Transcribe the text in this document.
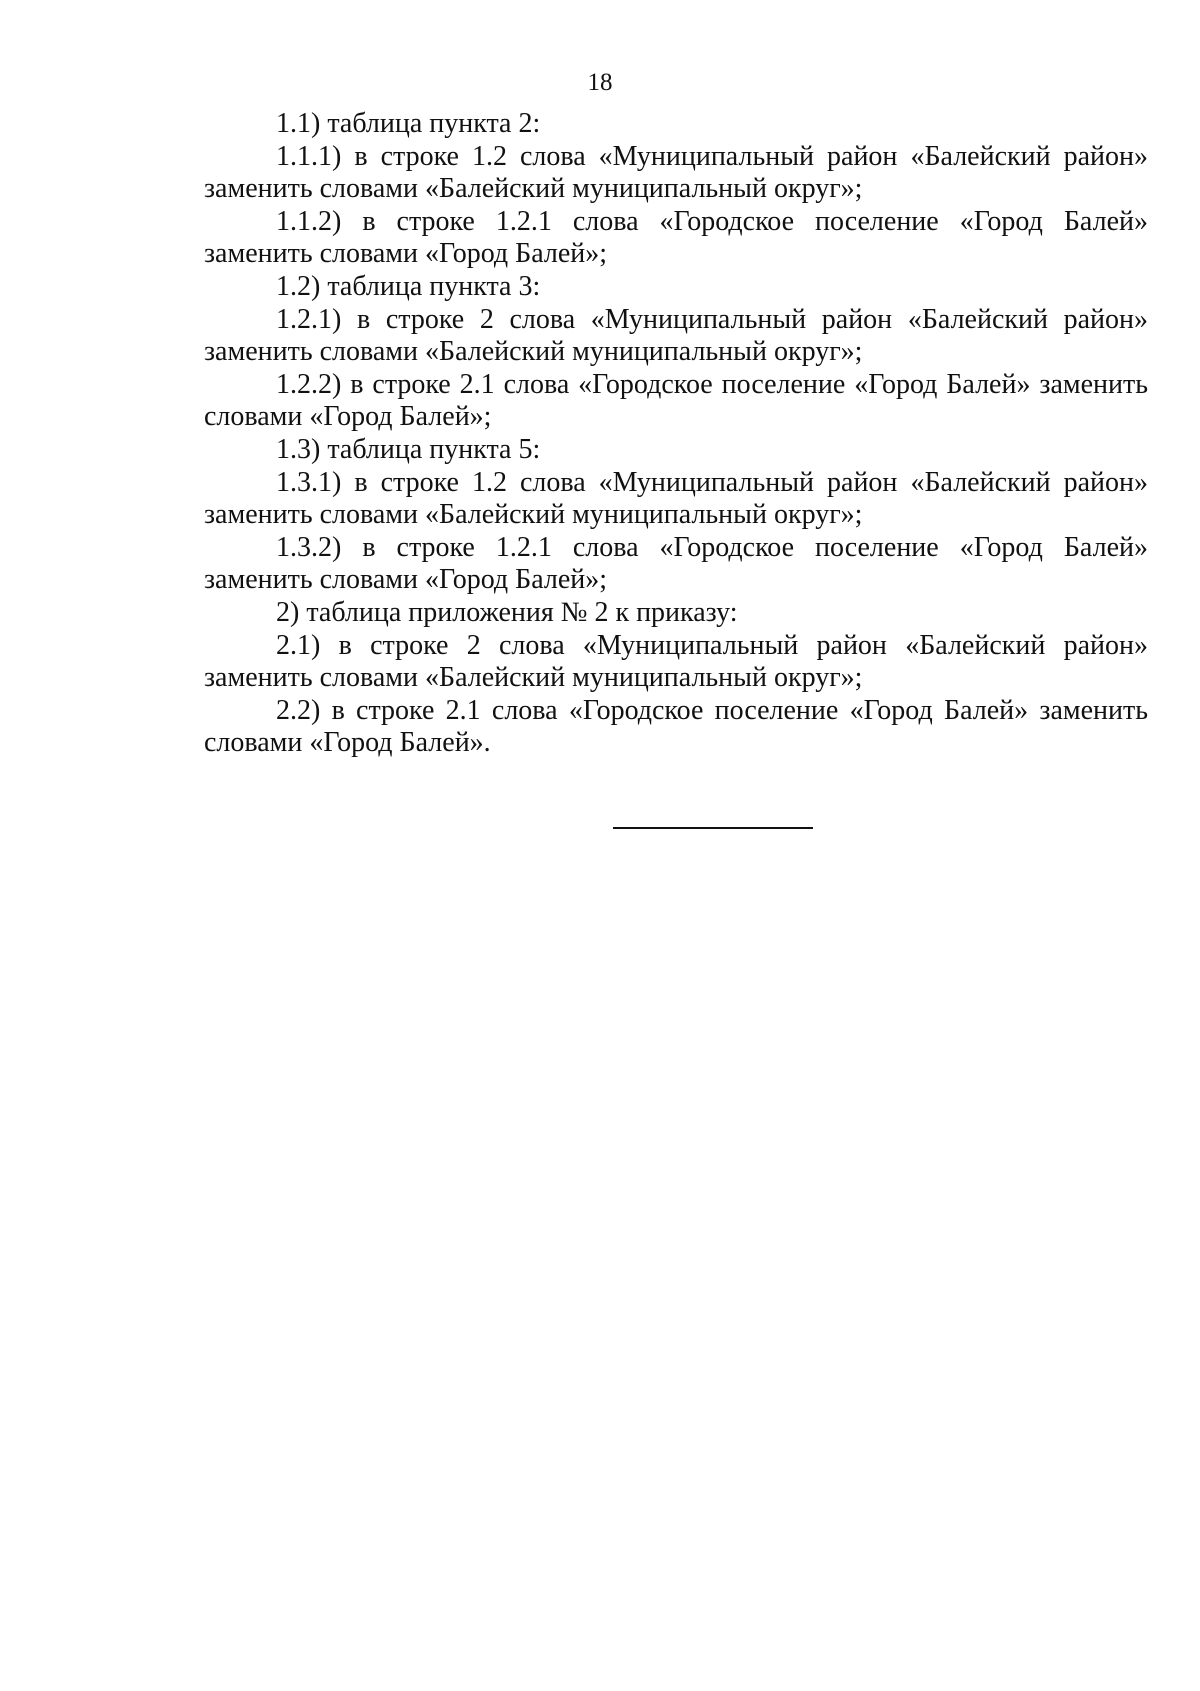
18

1.1) таблица пункта 2:

1.1.1) в строке 1.2 слова «Муниципальный район «Балейский район» заменить словами «Балейский муниципальный округ»;

1.1.2) в строке 1.2.1 слова «Городское поселение «Город Балей» заменить словами «Город Балей»;

1.2) таблица пункта 3:

1.2.1) в строке 2 слова «Муниципальный район «Балейский район» заменить словами «Балейский муниципальный округ»;

1.2.2) в строке 2.1 слова «Городское поселение «Город Балей» заменить словами «Город Балей»;

1.3) таблица пункта 5:

1.3.1) в строке 1.2 слова «Муниципальный район «Балейский район» заменить словами «Балейский муниципальный округ»;

1.3.2) в строке 1.2.1 слова «Городское поселение «Город Балей» заменить словами «Город Балей»;

2) таблица приложения № 2 к приказу:

2.1) в строке 2 слова «Муниципальный район «Балейский район» заменить словами «Балейский муниципальный округ»;

2.2) в строке 2.1 слова «Городское поселение «Город Балей» заменить словами «Город Балей».
